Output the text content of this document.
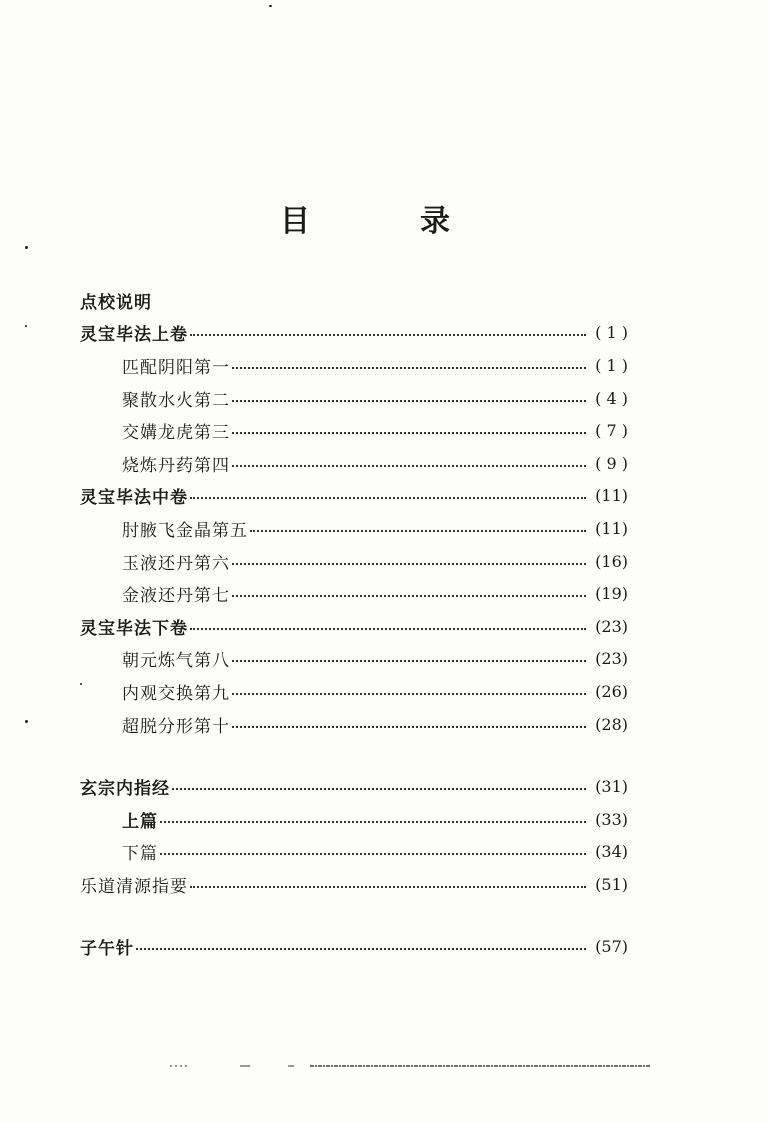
目　录
点校说明
灵宝毕法上卷	( 1 )
匹配阴阳第一	( 1 )
聚散水火第二	( 4 )
交媾龙虎第三	( 7 )
烧炼丹药第四	( 9 )
灵宝毕法中卷	(11)
肘腋飞金晶第五	(11)
玉液还丹第六	(16)
金液还丹第七	(19)
灵宝毕法下卷	(23)
朝元炼气第八	(23)
内观交换第九	(26)
超脱分形第十	(28)
玄宗内指经	(31)
上篇	(33)
下篇	(34)
乐道清源指要	(51)
子午针	(57)
